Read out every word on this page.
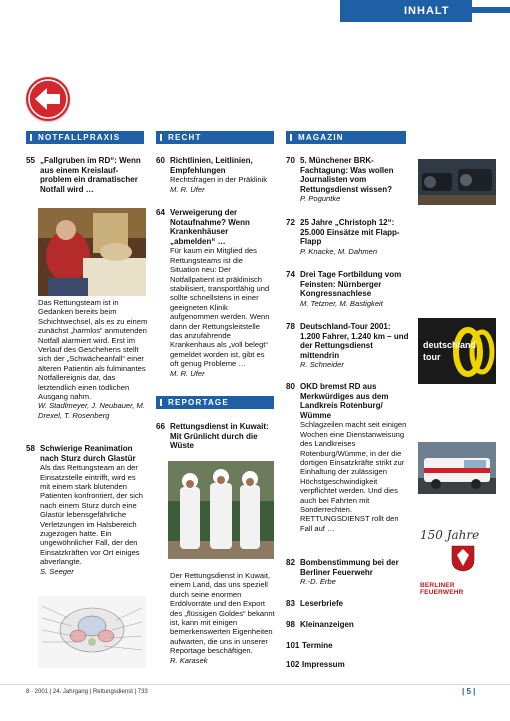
INHALT
NOTFALLPRAXIS	RECHT	MAGAZIN
REPORTAGE
55 „Fallgruben im RD“: Wenn aus einem Kreislauf-problem ein dramatischer Notfall wird …
Das Rettungsteam ist in Gedanken bereits beim Schichtwechsel, als es zu einem zunächst „harmlos“ anmutenden Notfall alarmiert wird. Erst im Verlauf des Geschehens stellt sich der „Schwächeanfall“ einer älteren Patientin als fulminantes Notfallereignis dar, das letztendlich einen tödlichen Ausgang nahm.
W. Stadlmeyer, J. Neubauer, M. Drexel, T. Rosenberg
58 Schwierige Reanimation nach Sturz durch Glastür
Als das Rettungsteam an der Einsatzstelle eintrifft, wird es mit einem stark blutenden Patienten konfrontiert, der sich nach einem Sturz durch eine Glastür lebensgefährliche Verletzungen im Halsbereich zugezogen hatte. Ein ungewöhnlicher Fall, der den Einsatzkräften vor Ort einiges abverlangte.
S. Seeger
60 Richtlinien, Leitlinien, Empfehlungen
Rechtsfragen in der Präklinik
M. R. Ufer
64 Verweigerung der Notaufnahme? Wenn Krankenhäuser „abmelden“ …
Für kaum ein Mitglied des Rettungsteams ist die Situation neu: Der Notfallpatient ist präklinisch stabilisiert, transportfähig und sollte schnellstens in einer geeigneten Klinik aufgenommen werden. Wenn dann der Rettungsleitstelle das anzufahrende Krankenhaus als „voll belegt“ gemeldet worden ist, gibt es oft genug Probleme …
M. R. Ufer
66 Rettungsdienst in Kuwait: Mit Grünlicht durch die Wüste
Der Rettungsdienst in Kuwait, einem Land, das uns speziell durch seine enormen Erdölvorräte und den Export des „flüssigen Goldes“ bekannt ist, kann mit einigen bemerkenswerten Eigenheiten aufwarten, die uns in unserer Reportage beschäftigen.
R. Karasek
70 5. Münchener BRK-Fachtagung: Was wollen Journalisten vom Rettungsdienst wissen?
P. Poguntke
72 25 Jahre „Christoph 12“: 25.000 Einsätze mit Flapp-Flapp
P. Knacke, M. Dahmen
74 Drei Tage Fortbildung vom Feinsten: Nürnberger Kongressnachlese
M. Tetzner, M. Bastigkeit
78 Deutschland-Tour 2001: 1.200 Fahrer, 1.240 km – und der Rettungsdienst mittendrin
R. Schneider
80 OKD bremst RD aus Merkwürdiges aus dem Landkreis Rotenburg/ Wümme
Schlagzeilen macht seit einigen Wochen eine Dienstanweisung des Landkreises Rotenburg/Wümme, in der die dortigen Einsatzkräfte strikt zur Einhaltung der zulässigen Höchstgeschwindigkeit verpflichtet werden. Und dies auch bei Fahrten mit Sonderrechten. RETTUNGSDIENST rollt den Fall auf …
82 Bombenstimmung bei der Berliner Feuerwehr
R.-D. Erbe
83 Leserbriefe
98 Kleinanzeigen
101 Termine
102 Impressum
deutschland
tour
150 Jahre
BERLINER FEUERWEHR
8 · 2001 | 24. Jahrgang | Rettungsdienst | 733	| 5 |
